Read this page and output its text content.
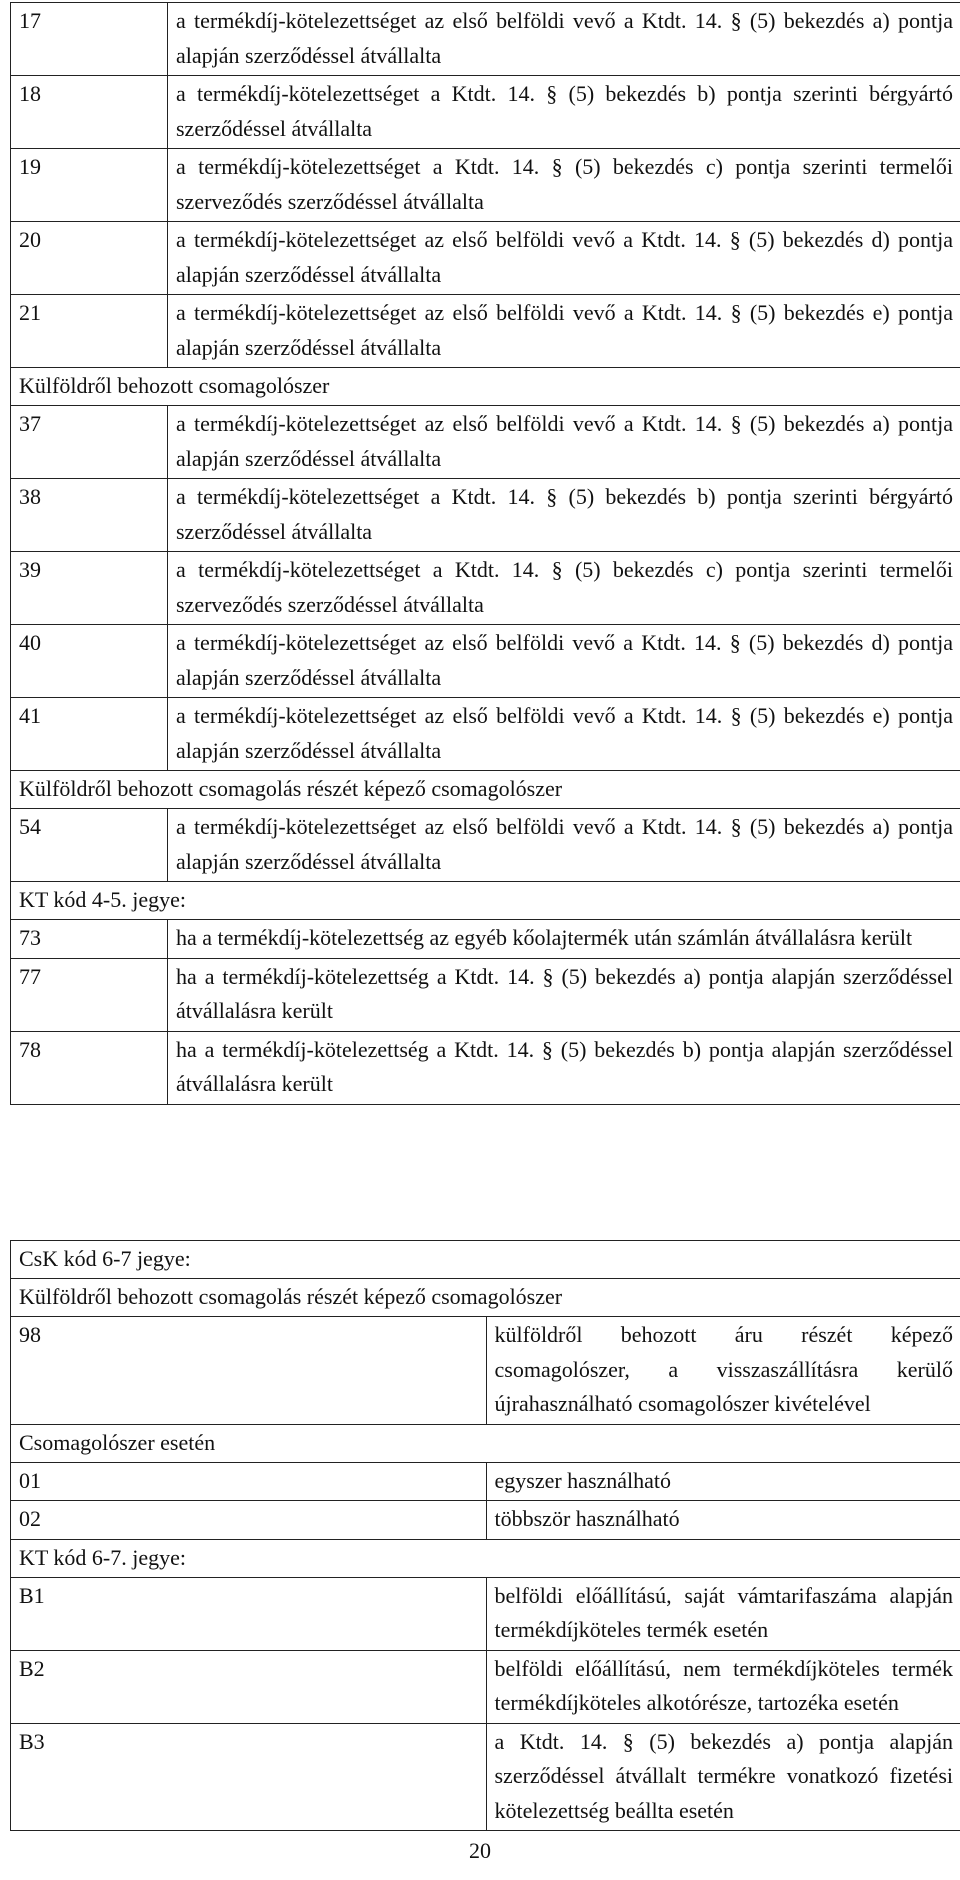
17	a termékdíj-kötelezettséget az első belföldi vevő a Ktdt. 14. § (5) bekezdés a) pontja alapján szerződéssel átvállalta
18	a termékdíj-kötelezettséget a Ktdt. 14. § (5) bekezdés b) pontja szerinti bérgyártó szerződéssel átvállalta
19	a termékdíj-kötelezettséget a Ktdt. 14. § (5) bekezdés c) pontja szerinti termelői szerveződés szerződéssel átvállalta
20	a termékdíj-kötelezettséget az első belföldi vevő a Ktdt. 14. § (5) bekezdés d) pontja alapján szerződéssel átvállalta
21	a termékdíj-kötelezettséget az első belföldi vevő a Ktdt. 14. § (5) bekezdés e) pontja alapján szerződéssel átvállalta
Külföldről behozott csomagolószer	
37	a termékdíj-kötelezettséget az első belföldi vevő a Ktdt. 14. § (5) bekezdés a) pontja alapján szerződéssel átvállalta
38	a termékdíj-kötelezettséget a Ktdt. 14. § (5) bekezdés b) pontja szerinti bérgyártó szerződéssel átvállalta
39	a termékdíj-kötelezettséget a Ktdt. 14. § (5) bekezdés c) pontja szerinti termelői szerveződés szerződéssel átvállalta
40	a termékdíj-kötelezettséget az első belföldi vevő a Ktdt. 14. § (5) bekezdés d) pontja alapján szerződéssel átvállalta
41	a termékdíj-kötelezettséget az első belföldi vevő a Ktdt. 14. § (5) bekezdés e) pontja alapján szerződéssel átvállalta
Külföldről behozott csomagolás részét képező csomagolószer	
54	a termékdíj-kötelezettséget az első belföldi vevő a Ktdt. 14. § (5) bekezdés a) pontja alapján szerződéssel átvállalta
KT kód 4-5. jegye:	
73	ha a termékdíj-kötelezettség az egyéb kőolajtermék után számlán átvállalásra került
77	ha a termékdíj-kötelezettség a Ktdt. 14. § (5) bekezdés a) pontja alapján szerződéssel átvállalásra került
78	ha a termékdíj-kötelezettség a Ktdt. 14. § (5) bekezdés b) pontja alapján szerződéssel átvállalásra került
CsK kód 6-7 jegye:	
Külföldről behozott csomagolás részét képező csomagolószer	
98	külföldről behozott áru részét képező csomagolószer, a visszaszállításra kerülő újrahasználható csomagolószer kivételével
Csomagolószer esetén	
01	egyszer használható
02	többször használható
KT kód 6-7. jegye:	
B1	belföldi előállítású, saját vámtarifaszáma alapján termékdíjköteles termék esetén
B2	belföldi előállítású, nem termékdíjköteles termék termékdíjköteles alkotórésze, tartozéka esetén
B3	a Ktdt. 14. § (5) bekezdés a) pontja alapján szerződéssel átvállalt termékre vonatkozó fizetési kötelezettség beállta esetén
20
